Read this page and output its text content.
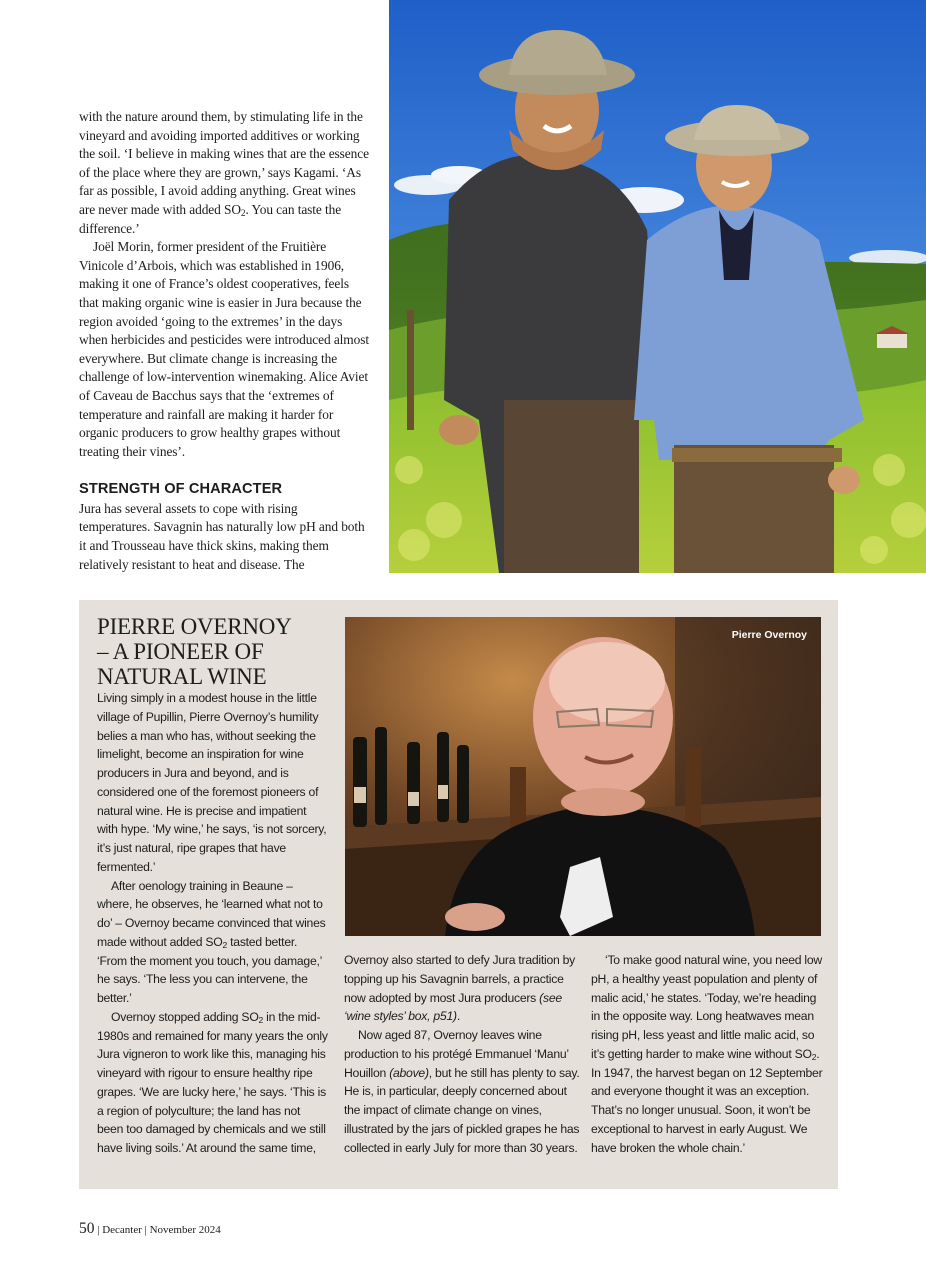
with the nature around them, by stimulating life in the vineyard and avoiding imported additives or working the soil. ‘I believe in making wines that are the essence of the place where they are grown,’ says Kagami. ‘As far as possible, I avoid adding anything. Great wines are never made with added $SO_2$. You can taste the difference.’

Joël Morin, former president of the Fruitière Vinicole d’Arbois, which was established in 1906, making it one of France’s oldest cooperatives, feels that making organic wine is easier in Jura because the region avoided ‘going to the extremes’ in the days when herbicides and pesticides were introduced almost everywhere. But climate change is increasing the challenge of low-intervention winemaking. Alice Aviet of Caveau de Bacchus says that the ‘extremes of temperature and rainfall are making it harder for organic producers to grow healthy grapes without treating their vines’.

STRENGTH OF CHARACTER

Jura has several assets to cope with rising temperatures. Savagnin has naturally low pH and both it and Trousseau have thick skins, making them relatively resistant to heat and disease. The

PIERRE OVERNOY
– A PIONEER OF
NATURAL WINE

Living simply in a modest house in the little village of Pupillin, Pierre Overnoy’s humility belies a man who has, without seeking the limelight, become an inspiration for wine producers in Jura and beyond, and is considered one of the foremost pioneers of natural wine. He is precise and impatient with hype. ‘My wine,’ he says, ‘is not sorcery, it’s just natural, ripe grapes that have fermented.’

After oenology training in Beaune – where, he observes, he ‘learned what not to do’ – Overnoy became convinced that wines made without added $SO_2$ tasted better. ‘From the moment you touch, you damage,’ he says. ‘The less you can intervene, the better.’

Overnoy stopped adding $SO_2$ in the mid-1980s and remained for many years the only Jura vigneron to work like this, managing his vineyard with rigour to ensure healthy ripe grapes. ‘We are lucky here,’ he says. ‘This is a region of polyculture; the land has not been too damaged by chemicals and we still have living soils.’ At around the same time,

Pierre Overnoy

Overnoy also started to defy Jura tradition by topping up his Savagnin barrels, a practice now adopted by most Jura producers (see ‘wine styles’ box, p51).

Now aged 87, Overnoy leaves wine production to his protégé Emmanuel ‘Manu’ Houillon (above), but he still has plenty to say. He is, in particular, deeply concerned about the impact of climate change on vines, illustrated by the jars of pickled grapes he has collected in early July for more than 30 years.

‘To make good natural wine, you need low pH, a healthy yeast population and plenty of malic acid,’ he states. ‘Today, we’re heading in the opposite way. Long heatwaves mean rising pH, less yeast and little malic acid, so it’s getting harder to make wine without $SO_2$. In 1947, the harvest began on 12 September and everyone thought it was an exception. That’s no longer unusual. Soon, it won’t be exceptional to harvest in early August. We have broken the whole chain.’

50 | Decanter | November 2024
